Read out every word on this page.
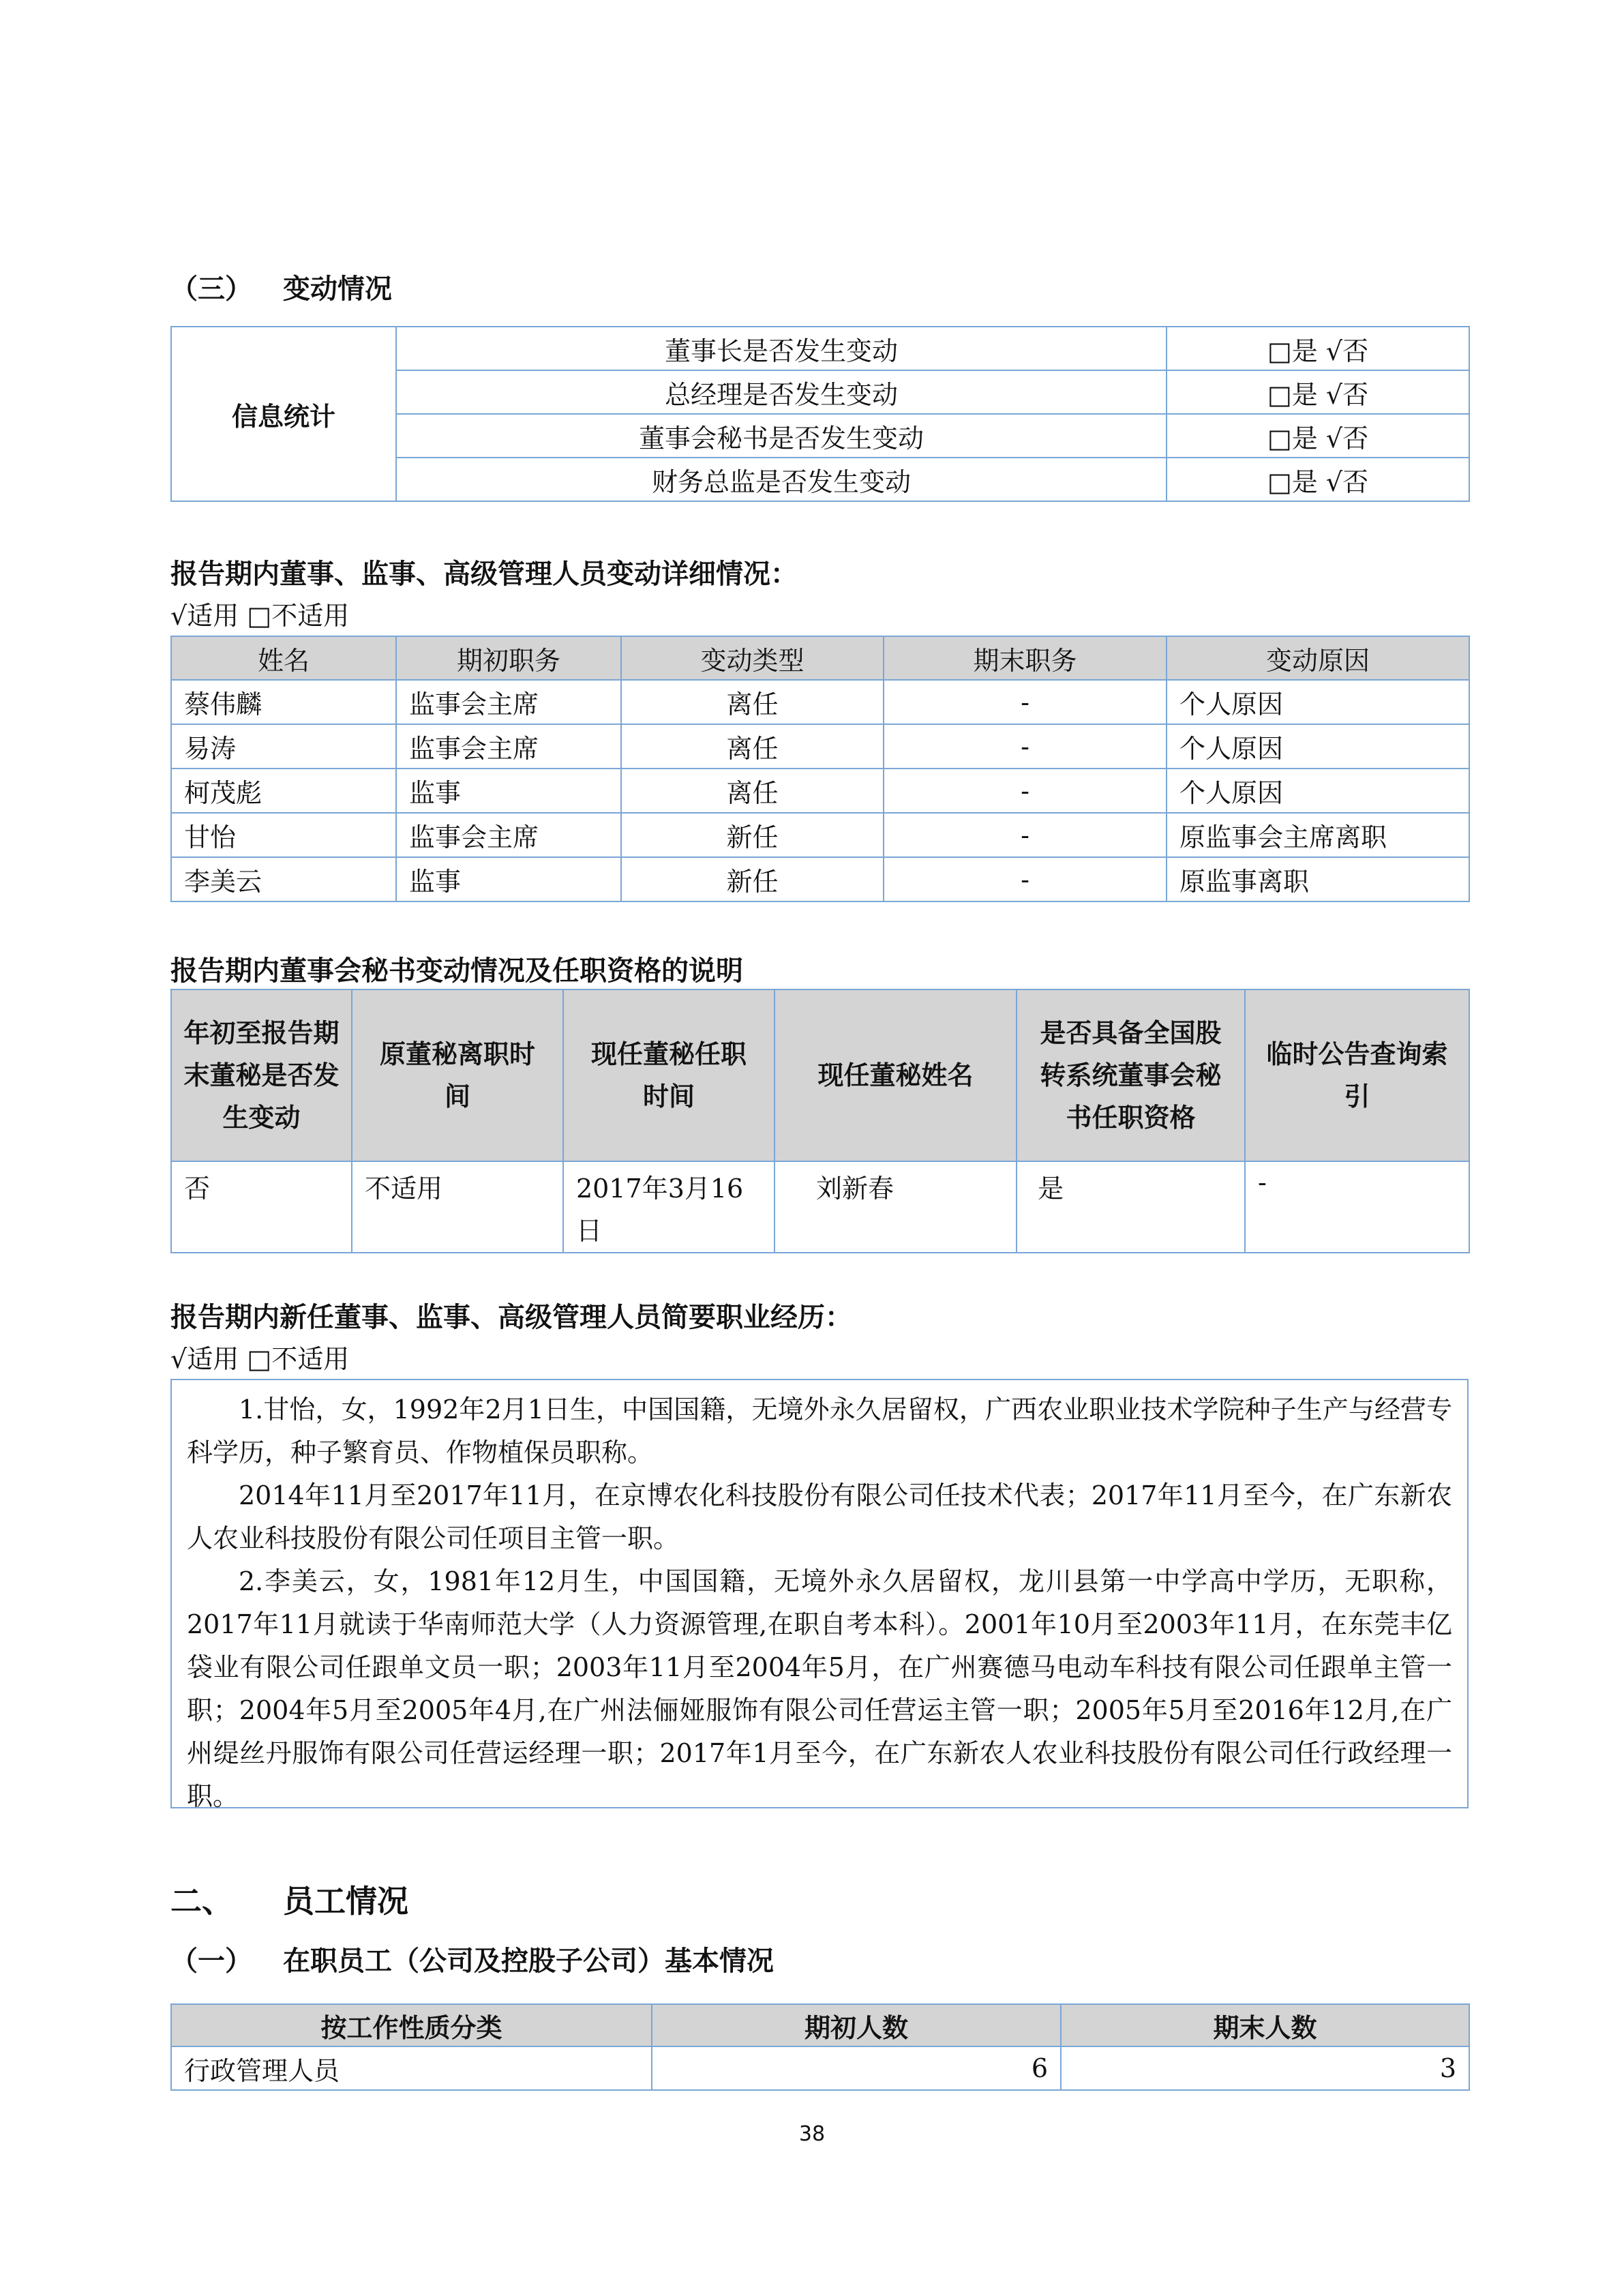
（三） 变动情况
信息统计	董事长是否发生变动	□是 √否
	总经理是否发生变动	□是 √否
	董事会秘书是否发生变动	□是 √否
	财务总监是否发生变动	□是 √否
报告期内董事、监事、高级管理人员变动详细情况：
√适用 □不适用
姓名	期初职务	变动类型	期末职务	变动原因
蔡伟麟	监事会主席	离任	-	个人原因
易涛	监事会主席	离任	-	个人原因
柯茂彪	监事	离任	-	个人原因
甘怡	监事会主席	新任	-	原监事会主席离职
李美云	监事	新任	-	原监事离职
报告期内董事会秘书变动情况及任职资格的说明
年初至报告期末董秘是否发生变动	原董秘离职时间	现任董秘任职时间	现任董秘姓名	是否具备全国股转系统董事会秘书任职资格	临时公告查询索引
否	不适用	2017年3月16日	刘新春	是	-
报告期内新任董事、监事、高级管理人员简要职业经历：
√适用 □不适用

1.甘怡，女，1992年2月1日生，中国国籍，无境外永久居留权，广西农业职业技术学院种子生产与经营专科学历，种子繁育员、作物植保员职称。

2014年11月至2017年11月，在京博农化科技股份有限公司任技术代表；2017年11月至今，在广东新农人农业科技股份有限公司任项目主管一职。

2.李美云，女，1981年12月生，中国国籍，无境外永久居留权，龙川县第一中学高中学历，无职称，2017年11月就读于华南师范大学（人力资源管理,在职自考本科）。2001年10月至2003年11月，在东莞丰亿袋业有限公司任跟单文员一职；2003年11月至2004年5月，在广州赛德马电动车科技有限公司任跟单主管一职；2004年5月至2005年4月,在广州法俪娅服饰有限公司任营运主管一职；2005年5月至2016年12月,在广州缇丝丹服饰有限公司任营运经理一职；2017年1月至今，在广东新农人农业科技股份有限公司任行政经理一职。

二、 员工情况
（一） 在职员工（公司及控股子公司）基本情况
按工作性质分类	期初人数	期末人数
行政管理人员	6	3
38
